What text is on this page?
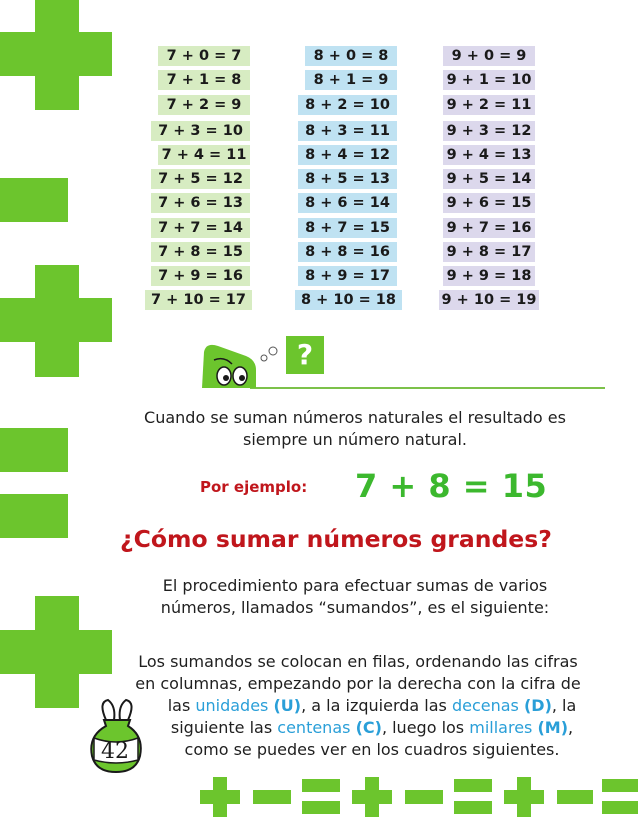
?
Cuando se suman números naturales el resultado es
siempre un número natural.
Por ejemplo: 7 + 8 = 15
¿Cómo sumar números grandes?
El procedimiento para efectuar sumas de varios
números, llamados “sumandos”, es el siguiente:
Los sumandos se colocan en filas, ordenando las cifras
en columnas, empezando por la derecha con la cifra de
las unidades (U), a la izquierda las decenas (D), la
siguiente las centenas (C), luego los millares (M),
como se puedes ver en los cuadros siguientes.
42
7 + 0 = 7
7 + 1 = 8
7 + 2 = 9
7 + 3 = 10
7 + 4 = 11
7 + 5 = 12
7 + 6 = 13
7 + 7 = 14
7 + 8 = 15
7 + 9 = 16
7 + 10 = 17
8 + 0 = 8
8 + 1 = 9
8 + 2 = 10
8 + 3 = 11
8 + 4 = 12
8 + 5 = 13
8 + 6 = 14
8 + 7 = 15
8 + 8 = 16
8 + 9 = 17
8 + 10 = 18
9 + 0 = 9
9 + 1 = 10
9 + 2 = 11
9 + 3 = 12
9 + 4 = 13
9 + 5 = 14
9 + 6 = 15
9 + 7 = 16
9 + 8 = 17
9 + 9 = 18
9 + 10 = 19
